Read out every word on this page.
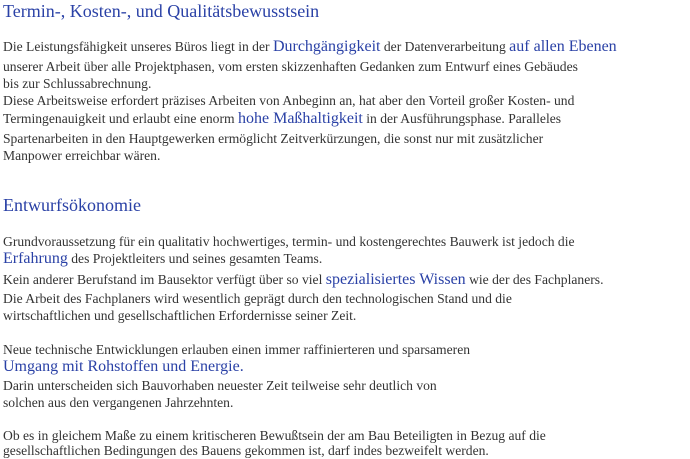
Termin-, Kosten-, und Qualitätsbewusstsein

Die Leistungsfähigkeit unseres Büros liegt in der Durchgängigkeit der Datenverarbeitung auf allen Ebenen

unserer Arbeit über alle Projektphasen, vom ersten skizzenhaften Gedanken zum Entwurf eines Gebäudes

bis zur Schlussabrechnung.

Diese Arbeitsweise erfordert präzises Arbeiten von Anbeginn an, hat aber den Vorteil großer Kosten- und

Termingenauigkeit und erlaubt eine enorm hohe Maßhaltigkeit in der Ausführungsphase. Paralleles

Spartenarbeiten in den Hauptgewerken ermöglicht Zeitverkürzungen, die sonst nur mit zusätzlicher

Manpower erreichbar wären.

Entwurfsökonomie

Grundvoraussetzung für ein qualitativ hochwertiges, termin- und kostengerechtes Bauwerk ist jedoch die

Erfahrung des Projektleiters und seines gesamten Teams.

Kein anderer Berufstand im Bausektor verfügt über so viel spezialisiertes Wissen wie der des Fachplaners.

Die Arbeit des Fachplaners wird wesentlich geprägt durch den technologischen Stand und die

wirtschaftlichen und gesellschaftlichen Erfordernisse seiner Zeit.

Neue technische Entwicklungen erlauben einen immer raffinierteren und sparsameren

Umgang mit Rohstoffen und Energie.

Darin unterscheiden sich Bauvorhaben neuester Zeit teilweise sehr deutlich von

solchen aus den vergangenen Jahrzehnten.

Ob es in gleichem Maße zu einem kritischeren Bewußtsein der am Bau Beteiligten in Bezug auf die

gesellschaftlichen Bedingungen des Bauens gekommen ist, darf indes bezweifelt werden.
